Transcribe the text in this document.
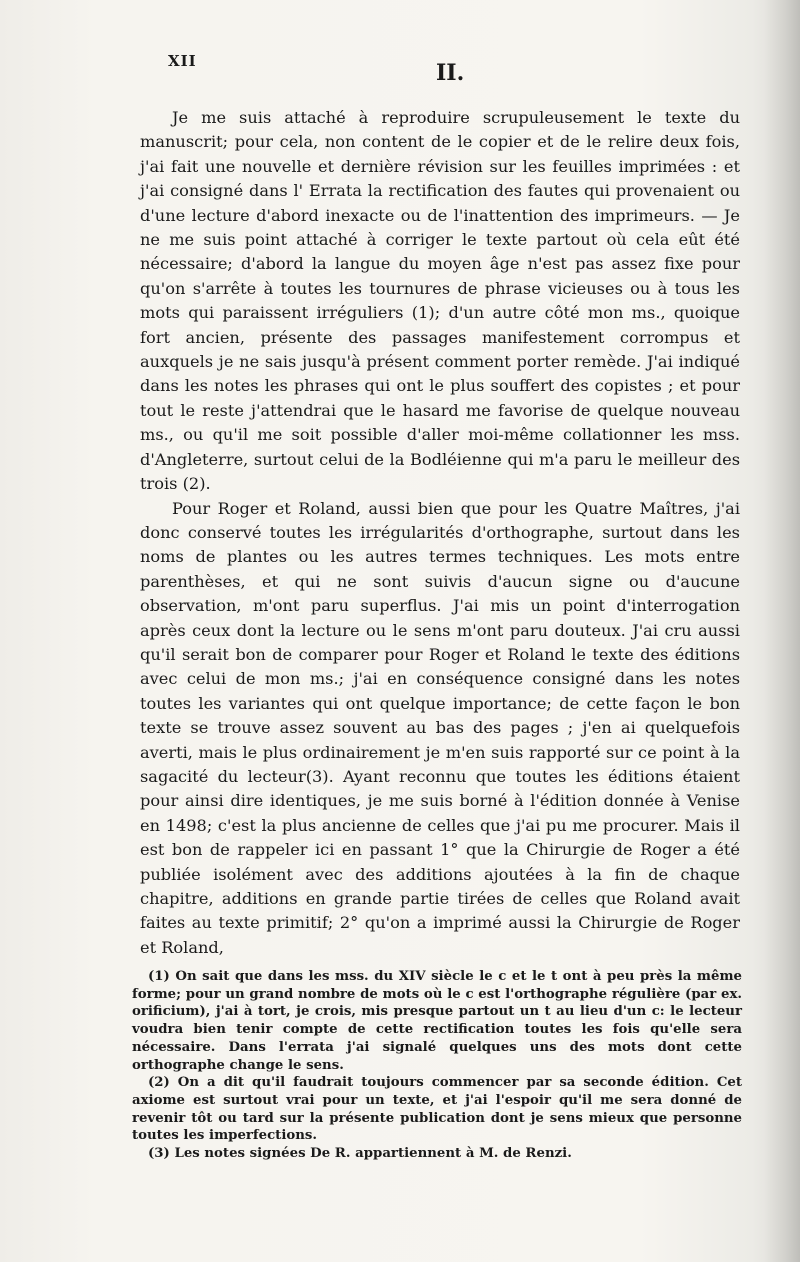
XII	II.

Je me suis attaché à reproduire scrupuleusement le texte du manuscrit; pour cela, non content de le copier et de le relire deux fois, j'ai fait une nouvelle et dernière révision sur les feuilles imprimées : et j'ai consigné dans l' Errata la rectification des fautes qui provenaient ou d'une lecture d'abord inexacte ou de l'inattention des imprimeurs. — Je ne me suis point attaché à corriger le texte partout où cela eût été nécessaire; d'abord la langue du moyen âge n'est pas assez fixe pour qu'on s'arrête à toutes les tournures de phrase vicieuses ou à tous les mots qui paraissent irréguliers (1); d'un autre côté mon ms., quoique fort ancien, présente des passages manifestement corrompus et auxquels je ne sais jusqu'à présent comment porter remède. J'ai indiqué dans les notes les phrases qui ont le plus souffert des copistes ; et pour tout le reste j'attendrai que le hasard me favorise de quelque nouveau ms., ou qu'il me soit possible d'aller moi-même collationner les mss. d'Angleterre, surtout celui de la Bodléienne qui m'a paru le meilleur des trois (2).

Pour Roger et Roland, aussi bien que pour les Quatre Maîtres, j'ai donc conservé toutes les irrégularités d'orthographe, surtout dans les noms de plantes ou les autres termes techniques. Les mots entre parenthèses, et qui ne sont suivis d'aucun signe ou d'aucune observation, m'ont paru superflus. J'ai mis un point d'interrogation après ceux dont la lecture ou le sens m'ont paru douteux. J'ai cru aussi qu'il serait bon de comparer pour Roger et Roland le texte des éditions avec celui de mon ms.; j'ai en conséquence consigné dans les notes toutes les variantes qui ont quelque importance; de cette façon le bon texte se trouve assez souvent au bas des pages ; j'en ai quelquefois averti, mais le plus ordinairement je m'en suis rapporté sur ce point à la sagacité du lecteur(3). Ayant reconnu que toutes les éditions étaient pour ainsi dire identiques, je me suis borné à l'édition donnée à Venise en 1498; c'est la plus ancienne de celles que j'ai pu me procurer. Mais il est bon de rappeler ici en passant 1° que la Chirurgie de Roger a été publiée isolément avec des additions ajoutées à la fin de chaque chapitre, additions en grande partie tirées de celles que Roland avait faites au texte primitif; 2° qu'on a imprimé aussi la Chirurgie de Roger et Roland,

(1) On sait que dans les mss. du XIV siècle le c et le t ont à peu près la même forme; pour un grand nombre de mots où le c est l'orthographe régulière (par ex. orificium), j'ai à tort, je crois, mis presque partout un t au lieu d'un c: le lecteur voudra bien tenir compte de cette rectification toutes les fois qu'elle sera nécessaire. Dans l'errata j'ai signalé quelques uns des mots dont cette orthographe change le sens.

(2) On a dit qu'il faudrait toujours commencer par sa seconde édition. Cet axiome est surtout vrai pour un texte, et j'ai l'espoir qu'il me sera donné de revenir tôt ou tard sur la présente publication dont je sens mieux que personne toutes les imperfections.

(3) Les notes signées De R. appartiennent à M. de Renzi.
